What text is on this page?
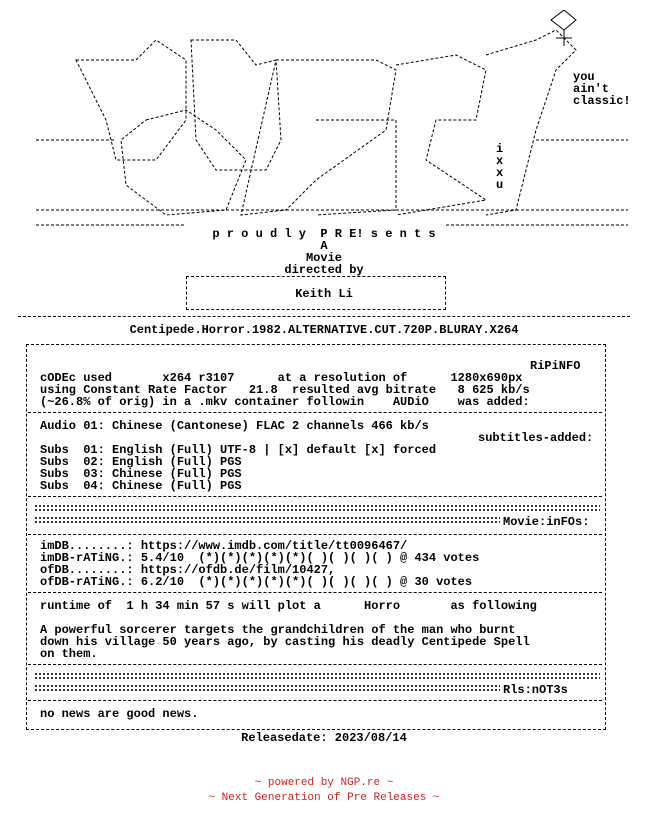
you
ain't
classic!
i
x
x
u
p r o u d l y  P R E! s e n t s
A
Movie
directed by
Keith Li
Centipede.Horror.1982.ALTERNATIVE.CUT.720P.BLURAY.X264
RiPiNFO
cODEc used       x264 r3107      at a resolution of      1280x690px
using Constant Rate Factor   21.8  resulted avg bitrate   8 625 kb/s
(~26.8% of orig) in a .mkv container followin    AUDiO    was added:
Audio 01: Chinese (Cantonese) FLAC 2 channels 466 kb/s
subtitles-added:
Subs  01: English (Full) UTF-8 | [x] default [x] forced
Subs  02: English (Full) PGS
Subs  03: Chinese (Full) PGS
Subs  04: Chinese (Full) PGS
Movie:inFOs:
imDB........: https://www.imdb.com/title/tt0096467/
imDB-rATiNG.: 5.4/10  (*)(*)(*)(*)(*)( )( )( )( ) @ 434 votes
ofDB........: https://ofdb.de/film/10427,
ofDB-rATiNG.: 6.2/10  (*)(*)(*)(*)(*)( )( )( )( ) @ 30 votes
runtime of  1 h 34 min 57 s will plot a      Horro       as following
A powerful sorcerer targets the grandchildren of the man who burnt
down his village 50 years ago, by casting his deadly Centipede Spell
on them.
Rls:nOT3s
no news are good news.
Releasedate: 2023/08/14
~ powered by NGP.re ~
~ Next Generation of Pre Releases ~
